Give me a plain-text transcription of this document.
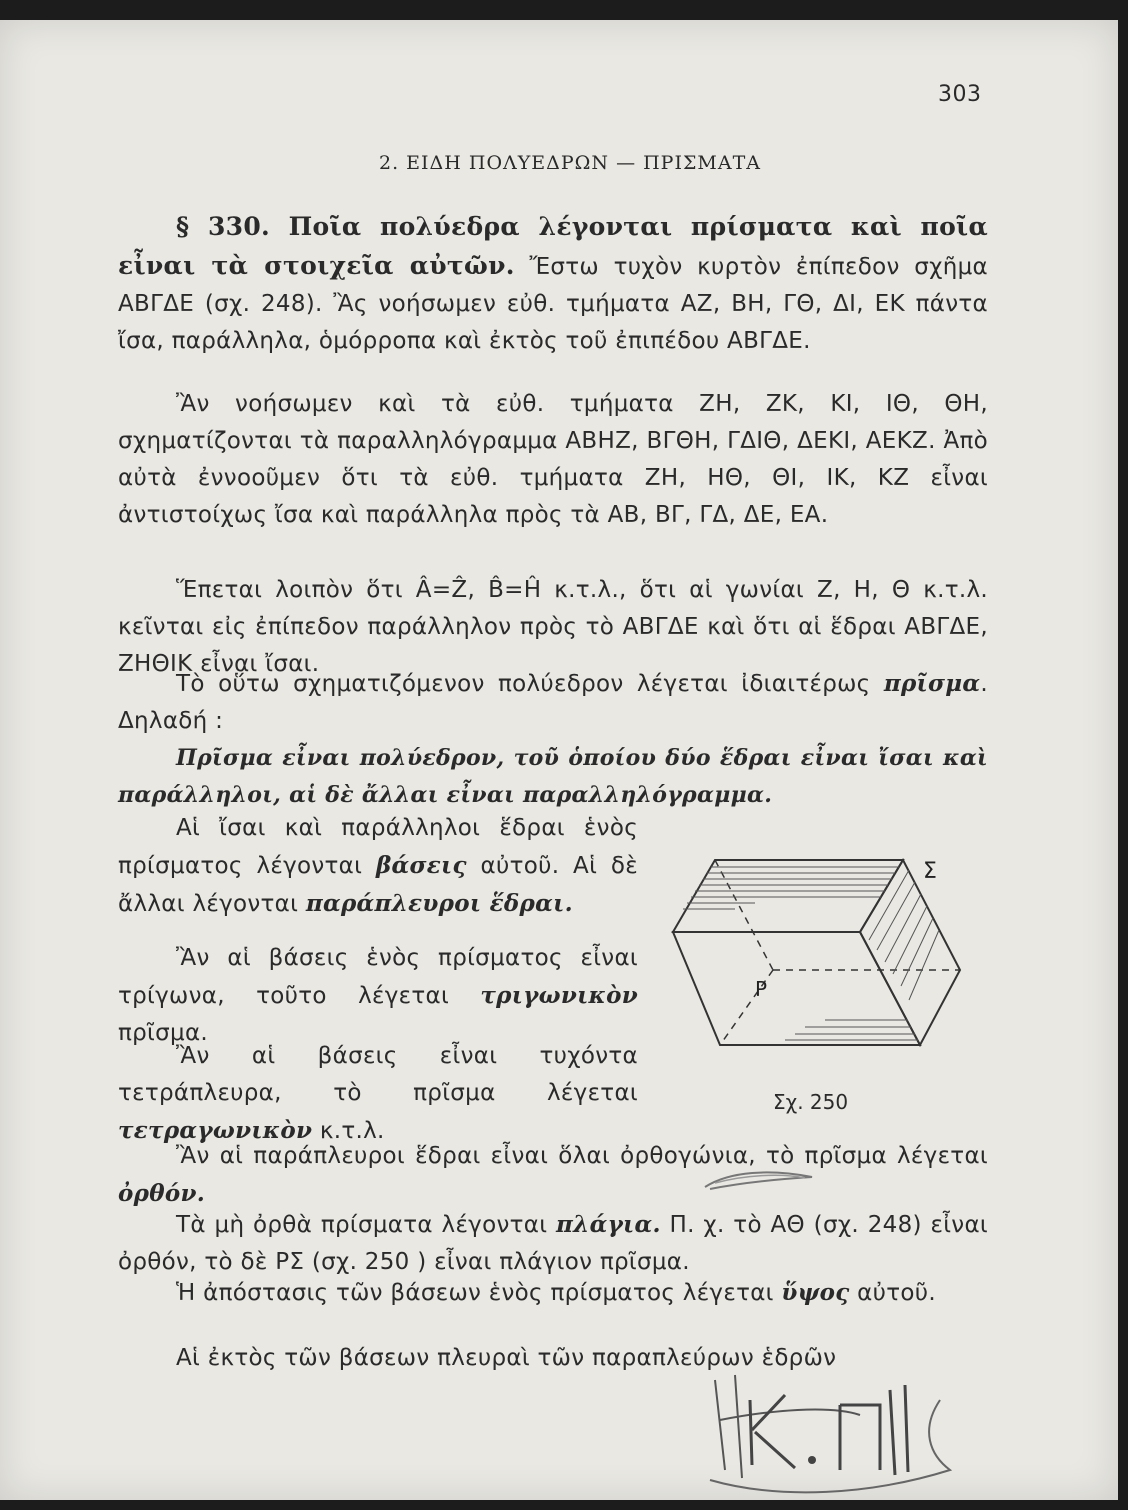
303
2. ΕΙΔΗ ΠΟΛΥΕΔΡΩΝ — ΠΡΙΣΜΑΤΑ
§ 330. Ποῖα πολύεδρα λέγονται πρίσματα καὶ ποῖα εἶναι τὰ στοιχεῖα αὐτῶν. Ἔστω τυχὸν κυρτὸν ἐπίπεδον σχῆμα ΑΒΓΔΕ (σχ. 248). Ἂς νοήσωμεν εὐθ. τμήματα ΑΖ, ΒΗ, ΓΘ, ΔΙ, ΕΚ πάντα ἴσα, παράλληλα, ὁμόρροπα καὶ ἐκτὸς τοῦ ἐπιπέδου ΑΒΓΔΕ.
Ἂν νοήσωμεν καὶ τὰ εὐθ. τμήματα ΖΗ, ΖΚ, ΚΙ, ΙΘ, ΘΗ, σχηματίζονται τὰ παραλληλόγραμμα ΑΒΗΖ, ΒΓΘΗ, ΓΔΙΘ, ΔΕΚΙ, ΑΕΚΖ. Ἀπὸ αὐτὰ ἐννοοῦμεν ὅτι τὰ εὐθ. τμήματα ΖΗ, ΗΘ, ΘΙ, ΙΚ, ΚΖ εἶναι ἀντιστοίχως ἴσα καὶ παράλληλα πρὸς τὰ ΑΒ, ΒΓ, ΓΔ, ΔΕ, ΕΑ.
Ἕπεται λοιπὸν ὅτι Â=Ẑ, B̂=Ĥ κ.τ.λ., ὅτι αἱ γωνίαι Ζ, Η, Θ κ.τ.λ. κεῖνται εἰς ἐπίπεδον παράλληλον πρὸς τὸ ΑΒΓΔΕ καὶ ὅτι αἱ ἕδραι ΑΒΓΔΕ, ΖΗΘΙΚ εἶναι ἴσαι.
Τὸ οὕτω σχηματιζόμενον πολύεδρον λέγεται ἰδιαιτέρως πρῖσμα. Δηλαδή :
Πρῖσμα εἶναι πολύεδρον, τοῦ ὁποίου δύο ἕδραι εἶναι ἴσαι καὶ παράλληλοι, αἱ δὲ ἄλλαι εἶναι παραλληλόγραμμα.
Αἱ ἴσαι καὶ παράλληλοι ἕδραι ἑνὸς πρίσματος λέγονται βάσεις αὐτοῦ. Αἱ δὲ ἄλλαι λέγονται παράπλευροι ἕδραι.
Ἂν αἱ βάσεις ἑνὸς πρίσματος εἶναι τρίγωνα, τοῦτο λέγεται τριγωνικὸν πρῖσμα.
Ἂν αἱ βάσεις εἶναι τυχόντα τετράπλευρα, τὸ πρῖσμα λέγεται τετραγωνικὸν κ.τ.λ.
Ἂν αἱ παράπλευροι ἕδραι εἶναι ὅλαι ὀρθογώνια, τὸ πρῖσμα λέγεται ὀρθόν.
Τὰ μὴ ὀρθὰ πρίσματα λέγονται πλάγια. Π. χ. τὸ ΑΘ (σχ. 248) εἶναι ὀρθόν, τὸ δὲ ΡΣ (σχ. 250 ) εἶναι πλάγιον πρῖσμα.
Ἡ ἀπόστασις τῶν βάσεων ἑνὸς πρίσματος λέγεται ὕψος αὐτοῦ.
Αἱ ἐκτὸς τῶν βάσεων πλευραὶ τῶν παραπλεύρων ἑδρῶν
Σ
Ρ
Σχ. 250
